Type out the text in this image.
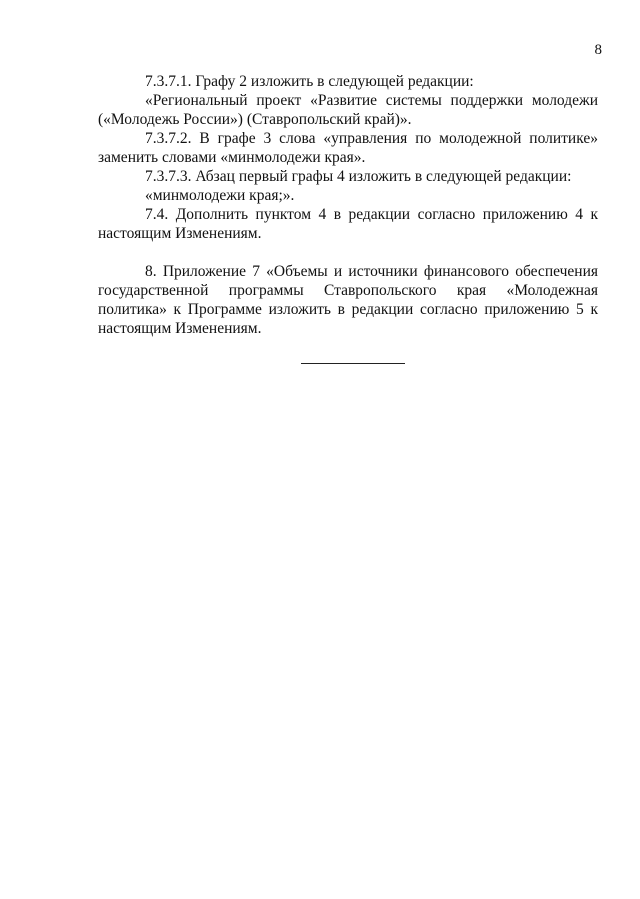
8

7.3.7.1. Графу 2 изложить в следующей редакции:

«Региональный проект «Развитие системы поддержки молодежи («Молодежь России») (Ставропольский край)».

7.3.7.2. В графе 3 слова «управления по молодежной политике» заменить словами «минмолодежи края».

7.3.7.3. Абзац первый графы 4 изложить в следующей редакции:

«минмолодежи края;».

7.4. Дополнить пунктом 4 в редакции согласно приложению 4 к настоящим Изменениям.

8. Приложение 7 «Объемы и источники финансового обеспечения государственной программы Ставропольского края «Молодежная политика» к Программе изложить в редакции согласно приложению 5 к настоящим Изменениям.
